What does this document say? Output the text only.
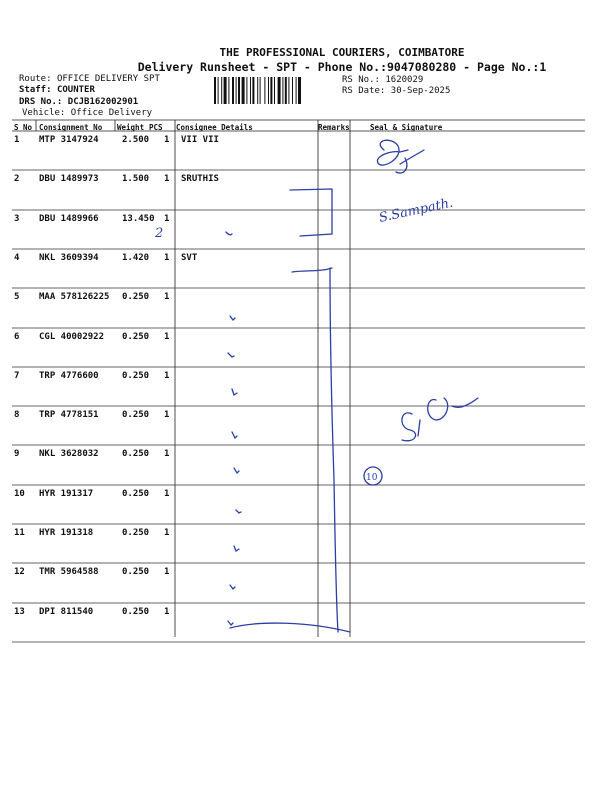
THE PROFESSIONAL COURIERS, COIMBATORE
Delivery Runsheet - SPT - Phone No.:9047080280 - Page No.:1
Route: OFFICE DELIVERY SPT
Staff: COUNTER
DRS No.: DCJB162002901
Vehicle: Office Delivery
RS No.: 1620029
RS Date: 30-Sep-2025
S No Consignment No Weight PCS Consignee Details	Remarks	Seal & Signature
1 MTP 3147924	2.500 1 VII VII
2 DBU 1489973	1.500 1 SRUTHIS
3 DBU 1489966	13.450 1
4 NKL 3609394	1.420 1 SVT
5 MAA 578126225 0.250 1
6 CGL 40002922 0.250 1
7 TRP 4776600	0.250 1
8 TRP 4778151	0.250 1
9 NKL 3628032	0.250 1
10 HYR 191317	0.250 1
11 HYR 191318	0.250 1
12 TMR 5964588	0.250 1
13 DPI 811540	0.250 1
2
S.Sampath.
10
